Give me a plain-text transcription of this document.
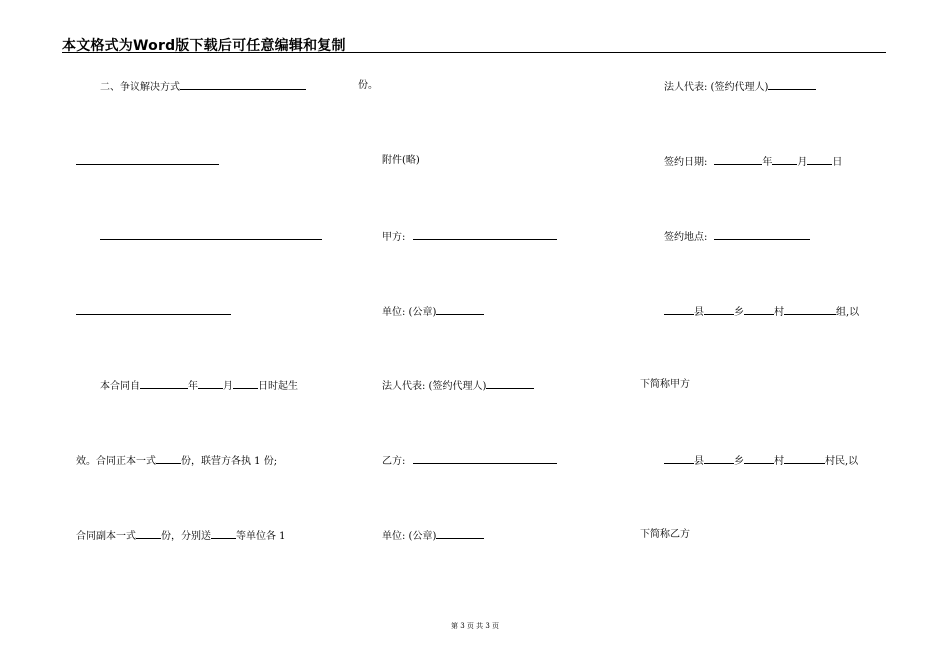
本文格式为Word版下载后可任意编辑和复制
二、争议解决方式
本合同自	年	月	日时起生
效。合同正本一式	份，联营方各执 1 份;
合同副本一式	份，分别送	等单位各 1
份。
附件(略)
甲方:
单位: (公章)
法人代表: (签约代理人)
乙方:
单位: (公章)
法人代表: (签约代理人)
签约日期:	年	月	日
签约地点:
县	乡	村	组,以
下简称甲方
县	乡	村	村民,以
下简称乙方
第 3 页 共 3 页
